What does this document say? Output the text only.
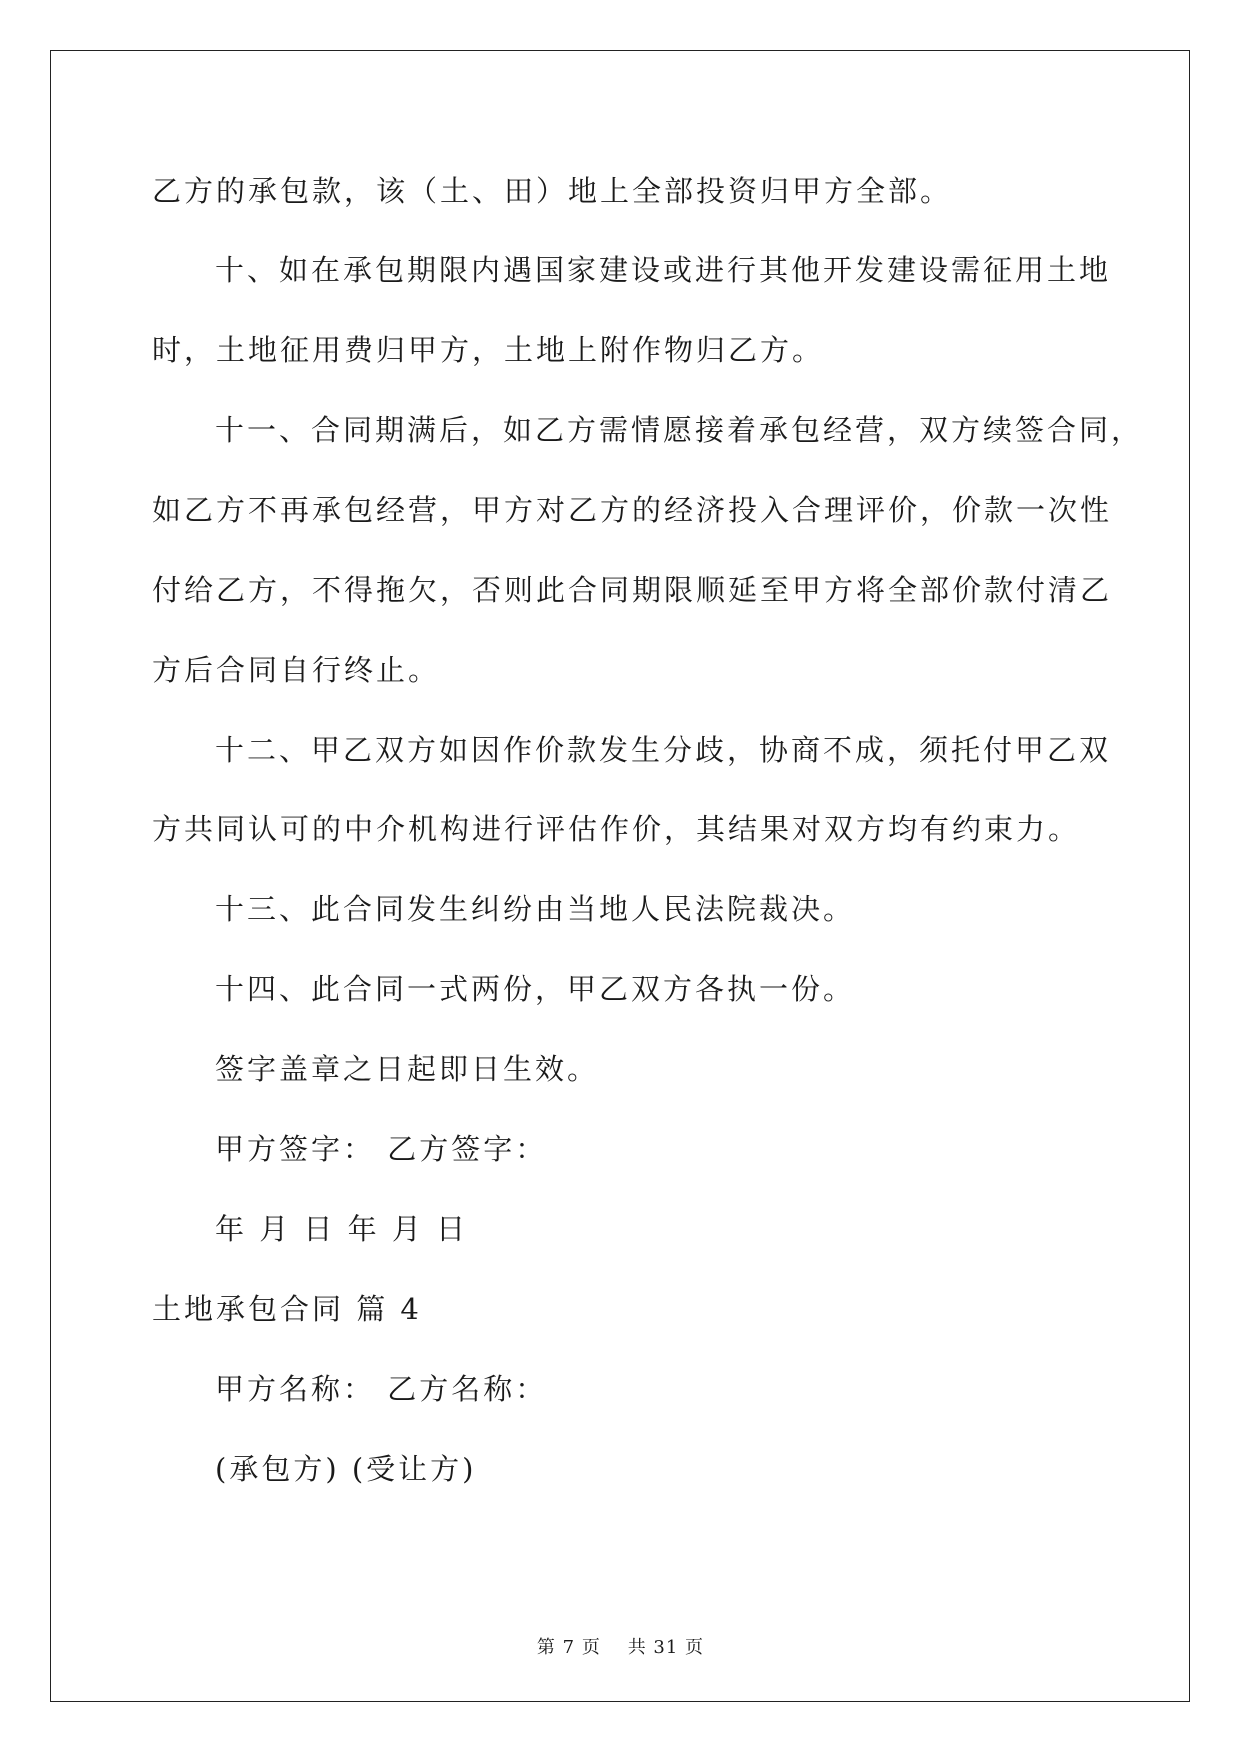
乙方的承包款，该（土、田）地上全部投资归甲方全部。
十、如在承包期限内遇国家建设或进行其他开发建设需征用土地
时，土地征用费归甲方，土地上附作物归乙方。
十一、合同期满后，如乙方需情愿接着承包经营，双方续签合同，
如乙方不再承包经营，甲方对乙方的经济投入合理评价，价款一次性
付给乙方，不得拖欠，否则此合同期限顺延至甲方将全部价款付清乙
方后合同自行终止。
十二、甲乙双方如因作价款发生分歧，协商不成，须托付甲乙双
方共同认可的中介机构进行评估作价，其结果对双方均有约束力。
十三、此合同发生纠纷由当地人民法院裁决。
十四、此合同一式两份，甲乙双方各执一份。
签字盖章之日起即日生效。
甲方签字： 乙方签字：
年 月 日 年 月 日
土地承包合同 篇 4
甲方名称： 乙方名称：
(承包方) (受让方)
第 7 页    共 31 页
